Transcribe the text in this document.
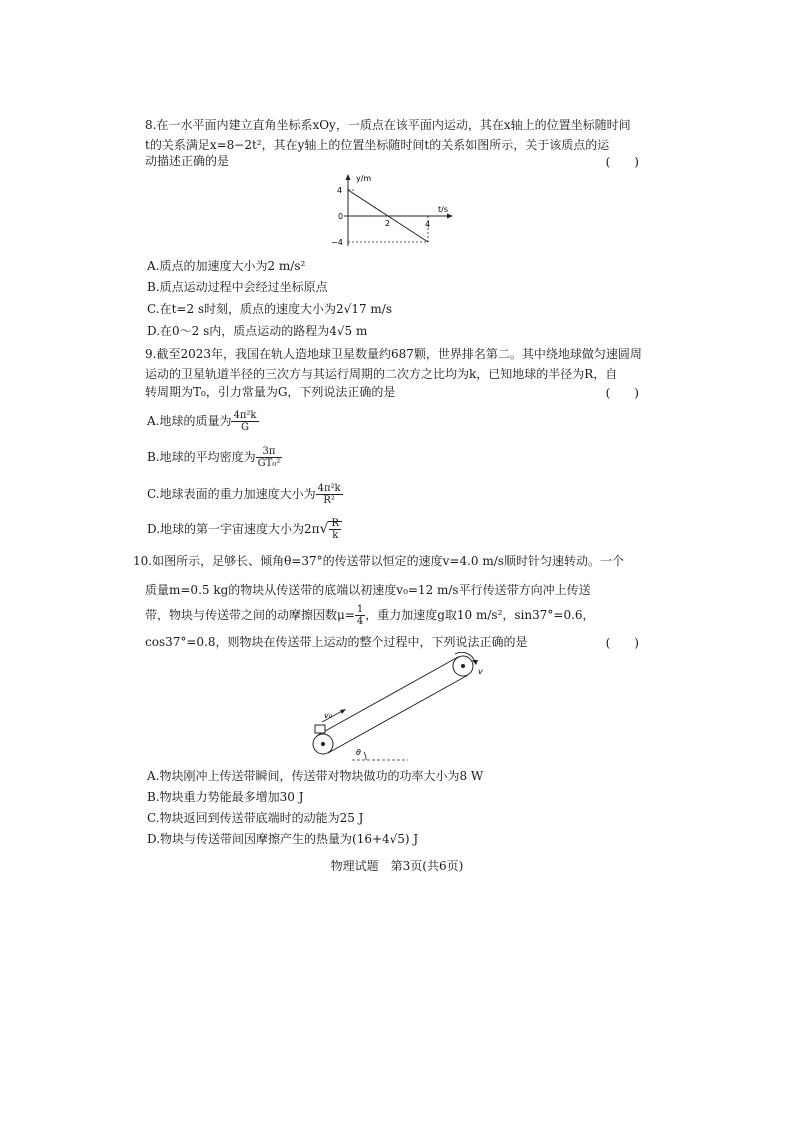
8.在一水平面内建立直角坐标系xOy，一质点在该平面内运动，其在x轴上的位置坐标随时间
t的关系满足x=8−2t²，其在y轴上的位置坐标随时间t的关系如图所示，关于该质点的运
动描述正确的是	(　　)
y/m
t/s
4
0
−4
2	4
A.质点的加速度大小为2 m/s²
B.质点运动过程中会经过坐标原点
C.在t=2 s时刻，质点的速度大小为2√17 m/s
D.在0～2 s内，质点运动的路程为4√5 m
9.截至2023年，我国在轨人造地球卫星数量约687颗，世界排名第二。其中绕地球做匀速圆周
运动的卫星轨道半径的三次方与其运行周期的二次方之比均为k，已知地球的半径为R，自
转周期为T₀，引力常量为G，下列说法正确的是	(　　)
A.地球的质量为 $\frac{\text{4π²k}}{G}$
B.地球的平均密度为 $\frac{3\pi}{\text{GT₀²}}$
C.地球表面的重力加速度大小为 $\frac{\text{4π²k}}{\text{R²}}$
D.地球的第一宇宙速度大小为$2\pi√ \frac{R}{k}$
10.如图所示，足够长、倾角θ=37°的传送带以恒定的速度v=4.0 m/s顺时针匀速转动。一个
质量m=0.5 kg的物块从传送带的底端以初速度v₀=12 m/s平行传送带方向冲上传送
带，物块与传送带之间的动摩擦因数$\mu= \frac{1}{4}$ ，重力加速度g取10 m/s²，sin37°=0.6，
cos37°=0.8，则物块在传送带上运动的整个过程中，下列说法正确的是	(　　)
v
v₀
θ
A.物块刚冲上传送带瞬间，传送带对物块做功的功率大小为8 W
B.物块重力势能最多增加30 J
C.物块返回到传送带底端时的动能为25 J
D.物块与传送带间因摩擦产生的热量为(16+4√5) J
物理试题　第3页(共6页)
